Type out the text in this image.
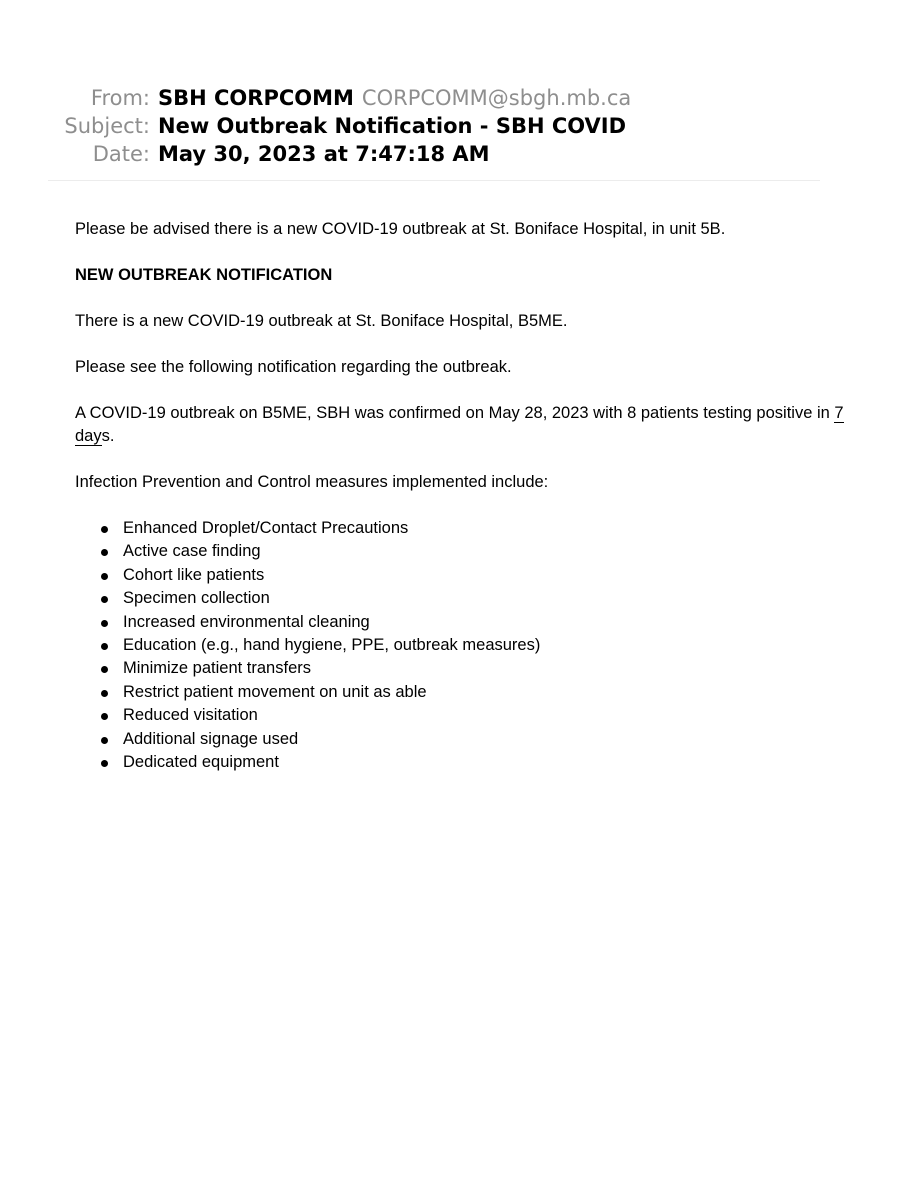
From: SBH CORPCOMM CORPCOMM@sbgh.mb.ca
Subject: New Outbreak Notification - SBH COVID
Date: May 30, 2023 at 7:47:18 AM

Please be advised there is a new COVID-19 outbreak at St. Boniface Hospital, in unit 5B.

NEW OUTBREAK NOTIFICATION

There is a new COVID-19 outbreak at St. Boniface Hospital, B5ME.

Please see the following notification regarding the outbreak.

A COVID-19 outbreak on B5ME, SBH was confirmed on May 28, 2023 with 8 patients testing positive in 7 days.

Infection Prevention and Control measures implemented include:

Enhanced Droplet/Contact Precautions
Active case finding
Cohort like patients
Specimen collection
Increased environmental cleaning
Education (e.g., hand hygiene, PPE, outbreak measures)
Minimize patient transfers
Restrict patient movement on unit as able
Reduced visitation
Additional signage used
Dedicated equipment
